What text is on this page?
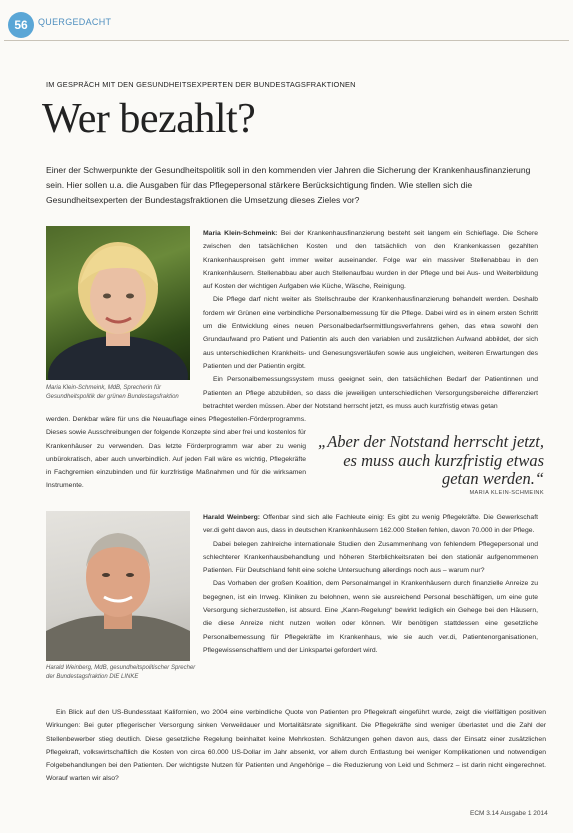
56 QUERGEDACHT
IM GESPRÄCH MIT DEN GESUNDHEITSEXPERTEN DER BUNDESTAGSFRAKTIONEN
Wer bezahlt?
Einer der Schwerpunkte der Gesundheitspolitik soll in den kommenden vier Jahren die Sicherung der Krankenhausfinanzierung sein. Hier sollen u.a. die Ausgaben für das Pflegepersonal stärkere Berücksichtigung finden. Wie stellen sich die Gesundheitsexperten der Bundestagsfraktionen die Umsetzung dieses Zieles vor?
Maria Klein-Schmeink, MdB, Sprecherin für Gesundheitspolitik der grünen Bundestagsfraktion

Maria Klein-Schmeink: Bei der Krankenhausfinanzierung besteht seit langem ein Schieflage. Die Schere zwischen den tatsächlichen Kosten und den tatsächlich von den Krankenkassen gezahlten Krankenhauspreisen geht immer weiter auseinander. Folge war ein massiver Stellenabbau in den Krankenhäusern. Stellenabbau aber auch Stellenaufbau wurden in der Pflege und bei Aus- und Weiterbildung auf Kosten der wichtigen Aufgaben wie Küche, Wäsche, Reinigung.

Die Pflege darf nicht weiter als Stellschraube der Krankenhausfinanzierung behandelt werden. Deshalb fordern wir Grünen eine verbindliche Personalbemessung für die Pflege. Dabei wird es in einem ersten Schritt um die Entwicklung eines neuen Personalbedarfsermittlungsverfahrens gehen, das etwa sowohl den Grundaufwand pro Patient und Patientin als auch den variablen und zusätzlichen Aufwand abbildet, der sich aus unterschiedlichen Krankheits- und Genesungsverläufen sowie aus ungleichen, weiteren Erwartungen des Patienten und der Patientin ergibt.

Ein Personalbemessungssystem muss geeignet sein, den tatsächlichen Bedarf der Patientinnen und Patienten an Pflege abzubilden, so dass die jeweiligen unterschiedlichen Versorgungsbereiche differenziert betrachtet werden müssen. Aber der Notstand herrscht jetzt, es muss auch kurzfristig etwas getan

werden. Denkbar wäre für uns die Neuauflage eines Pflegestellen-Förderprogramms. Dieses sowie Ausschreibungen der folgende Konzepte sind aber frei und kostenlos für Krankenhäuser zu verwenden. Das letzte Förderprogramm war aber zu wenig unbürokratisch, aber auch unverbindlich. Auf jeden Fall wäre es wichtig, Pflegekräfte in Fachgremien einzubinden und für kurzfristige Maßnahmen und für die wirksamen Instrumente.

„Aber der Notstand herrscht jetzt, es muss auch kurzfristig etwas getan werden.“
MARIA KLEIN-SCHMEINK
Harald Weinberg, MdB, gesundheitspolitischer Sprecher der Bundestagsfraktion DIE LINKE

Harald Weinberg: Offenbar sind sich alle Fachleute einig: Es gibt zu wenig Pflegekräfte. Die Gewerkschaft ver.di geht davon aus, dass in deutschen Krankenhäusern 162.000 Stellen fehlen, davon 70.000 in der Pflege.

Dabei belegen zahlreiche internationale Studien den Zusammenhang von fehlendem Pflegepersonal und schlechterer Krankenhausbehandlung und höheren Sterblichkeitsraten bei den stationär aufgenommenen Patienten. Für Deutschland fehlt eine solche Untersuchung allerdings noch aus – warum nur?

Das Vorhaben der großen Koalition, dem Personalmangel in Krankenhäusern durch finanzielle Anreize zu begegnen, ist ein Irrweg. Kliniken zu belohnen, wenn sie ausreichend Personal beschäftigen, um eine gute Versorgung sicherzustellen, ist absurd. Eine „Kann-Regelung“ bewirkt lediglich ein Gehege bei den Häusern, die diese Anreize nicht nutzen wollen oder können. Wir benötigen stattdessen eine gesetzliche Personalbemessung für Pflegekräfte im Krankenhaus, wie sie auch ver.di, Patientenorganisationen, Pflegewissenschaftlern und der Linkspartei gefordert wird.

Ein Blick auf den US-Bundesstaat Kalifornien, wo 2004 eine verbindliche Quote von Patienten pro Pflegekraft eingeführt wurde, zeigt die vielfältigen positiven Wirkungen: Bei guter pflegerischer Versorgung sinken Verweildauer und Mortalitätsrate signifikant. Die Pflegekräfte sind weniger überlastet und die Zahl der Stellenbewerber stieg deutlich. Diese gesetzliche Regelung beinhaltet keine Mehrkosten. Schätzungen gehen davon aus, dass der Einsatz einer zusätzlichen Pflegekraft, volkswirtschaftlich die Kosten von circa 60.000 US-Dollar im Jahr absenkt, vor allem durch Entlastung bei weniger Komplikationen und notwendigen Folgebehandlungen bei den Patienten. Der wichtigste Nutzen für Patienten und Angehörige – die Reduzierung von Leid und Schmerz – ist darin nicht eingerechnet. Worauf warten wir also?

ECM 3.14 Ausgabe 1 2014
